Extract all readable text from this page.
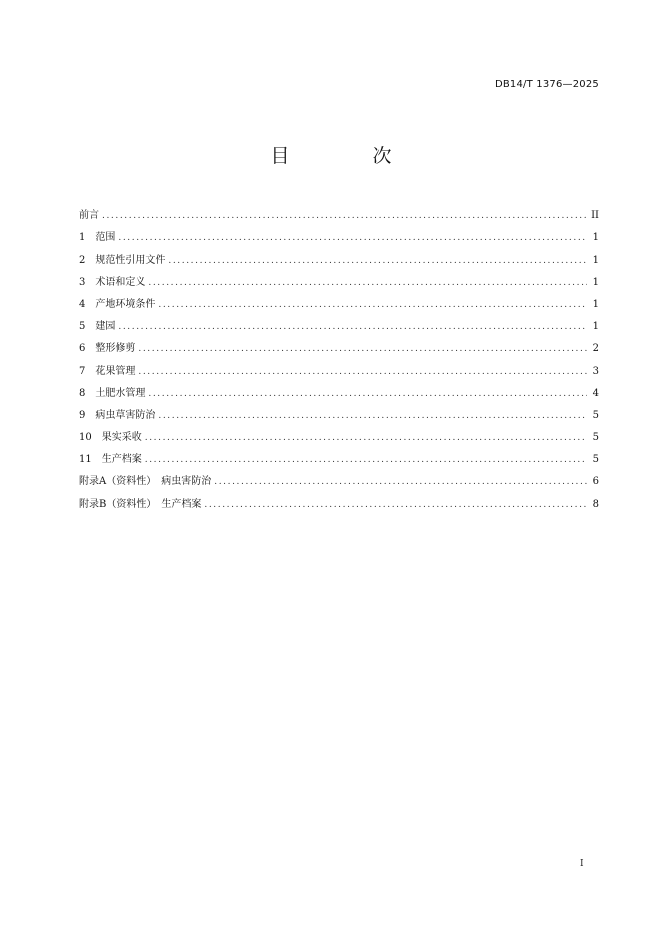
DB14/T 1376—2025
目　次
前言 .....	II
1　范围 .....	1
2　规范性引用文件 .....	1
3　术语和定义 .....	1
4　产地环境条件 .....	1
5　建园 .....	1
6　整形修剪 .....	2
7　花果管理 .....	3
8　土肥水管理 .....	4
9　病虫草害防治 .....	5
10　果实采收 .....	5
11　生产档案 .....	5
附录A（资料性）　病虫害防治 .....	6
附录B（资料性）　生产档案 .....	8
I
